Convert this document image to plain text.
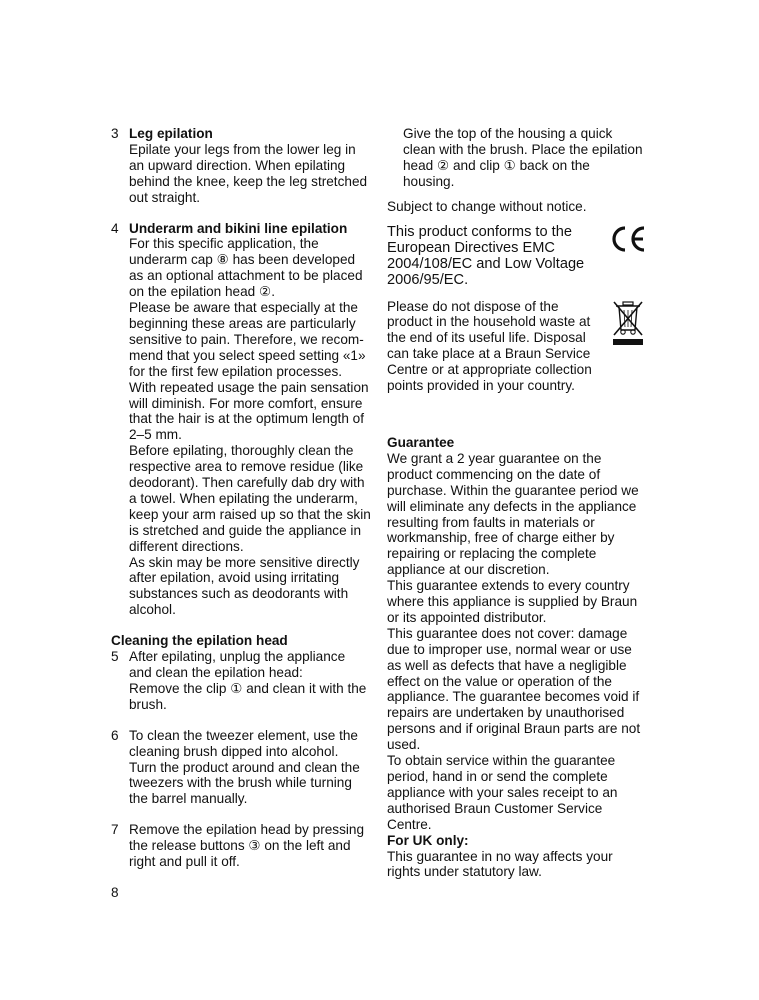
3 Leg epilation

Epilate your legs from the lower leg in

an upward direction. When epilating

behind the knee, keep the leg stretched

out straight.

4 Underarm and bikini line epilation

For this specific application, the

underarm cap ⑧ has been developed

as an optional attachment to be placed

on the epilation head ②.

Please be aware that especially at the

beginning these areas are particularly

sensitive to pain. Therefore, we recom-

mend that you select speed setting «1»

for the first few epilation processes.

With repeated usage the pain sensation

will diminish. For more comfort, ensure

that the hair is at the optimum length of

2–5 mm.

Before epilating, thoroughly clean the

respective area to remove residue (like

deodorant). Then carefully dab dry with

a towel. When epilating the underarm,

keep your arm raised up so that the skin

is stretched and guide the appliance in

different directions.

As skin may be more sensitive directly

after epilation, avoid using irritating

substances such as deodorants with

alcohol.

Cleaning the epilation head

5 After epilating, unplug the appliance

and clean the epilation head:

Remove the clip ① and clean it with the

brush.

6 To clean the tweezer element, use the

cleaning brush dipped into alcohol.

Turn the product around and clean the

tweezers with the brush while turning

the barrel manually.

7 Remove the epilation head by pressing

the release buttons ③ on the left and

right and pull it off.

8

Give the top of the housing a quick

clean with the brush. Place the epilation

head ② and clip ① back on the

housing.

Subject to change without notice.

This product conforms to the

European Directives EMC

2004/108/EC and Low Voltage

2006/95/EC.

Please do not dispose of the

product in the household waste at

the end of its useful life. Disposal

can take place at a Braun Service

Centre or at appropriate collection

points provided in your country.

Guarantee

We grant a 2 year guarantee on the

product commencing on the date of

purchase. Within the guarantee period we

will eliminate any defects in the appliance

resulting from faults in materials or

workmanship, free of charge either by

repairing or replacing the complete

appliance at our discretion.

This guarantee extends to every country

where this appliance is supplied by Braun

or its appointed distributor.

This guarantee does not cover: damage

due to improper use, normal wear or use

as well as defects that have a negligible

effect on the value or operation of the

appliance. The guarantee becomes void if

repairs are undertaken by unauthorised

persons and if original Braun parts are not

used.

To obtain service within the guarantee

period, hand in or send the complete

appliance with your sales receipt to an

authorised Braun Customer Service

Centre.

For UK only:

This guarantee in no way affects your

rights under statutory law.
